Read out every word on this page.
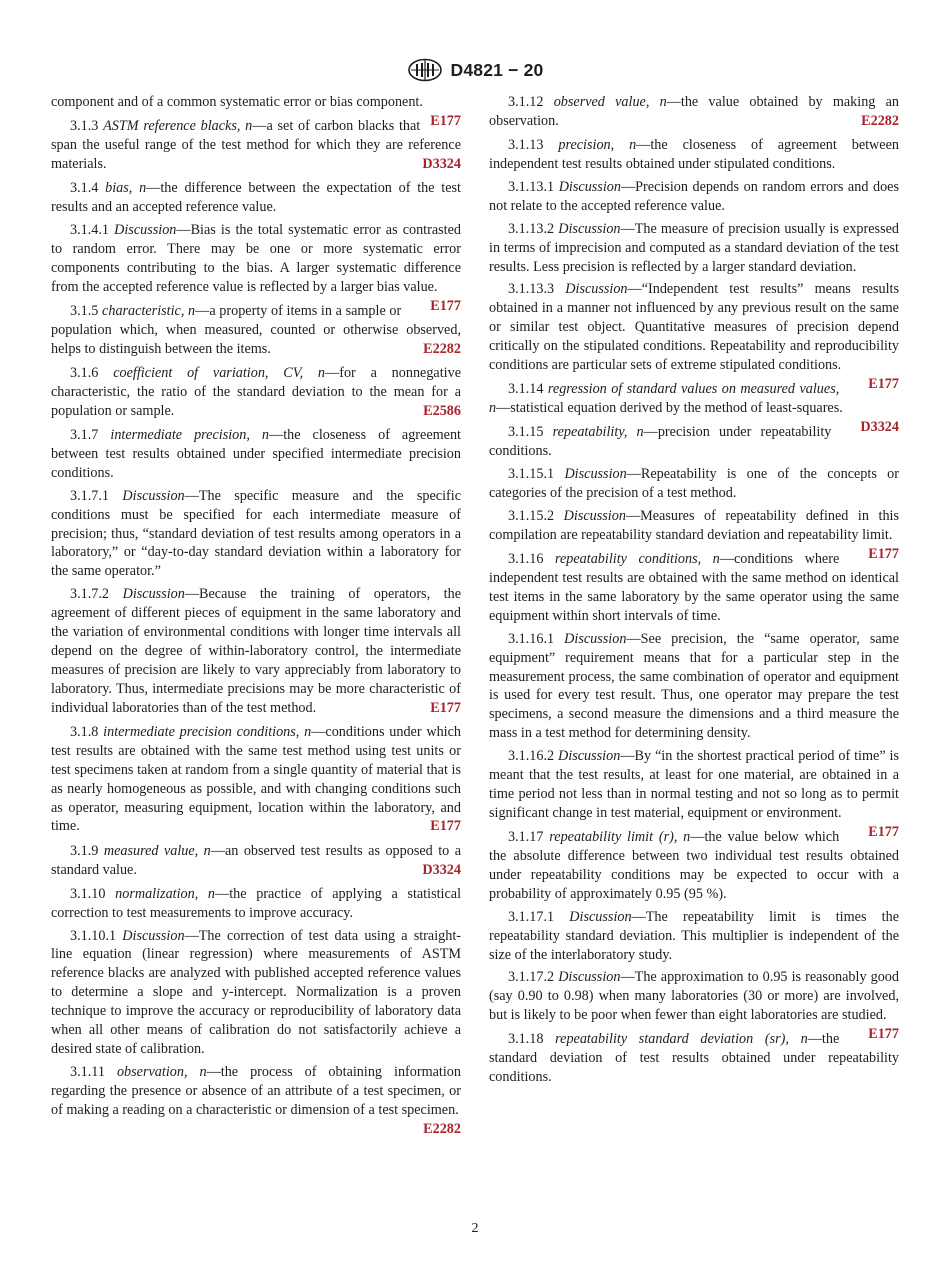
D4821 − 20

component and of a common systematic error or bias component.
E177

3.1.3 ASTM reference blacks, n—a set of carbon blacks that span the useful range of the test method for which they are reference materials.	D3324

3.1.4 bias, n—the difference between the expectation of the test results and an accepted reference value.

3.1.4.1 Discussion—Bias is the total systematic error as contrasted to random error. There may be one or more systematic error components contributing to the bias. A larger systematic difference from the accepted reference value is reflected by a larger bias value.
E177

3.1.5 characteristic, n—a property of items in a sample or population which, when measured, counted or otherwise observed, helps to distinguish between the items.	E2282

3.1.6 coefficient of variation, CV, n—for a nonnegative characteristic, the ratio of the standard deviation to the mean for a population or sample.	E2586

3.1.7 intermediate precision, n—the closeness of agreement between test results obtained under specified intermediate precision conditions.

3.1.7.1 Discussion—The specific measure and the specific conditions must be specified for each intermediate measure of precision; thus, “standard deviation of test results among operators in a laboratory,” or “day-to-day standard deviation within a laboratory for the same operator.”

3.1.7.2 Discussion—Because the training of operators, the agreement of different pieces of equipment in the same laboratory and the variation of environmental conditions with longer time intervals all depend on the degree of within-laboratory control, the intermediate measures of precision are likely to vary appreciably from laboratory to laboratory. Thus, intermediate precisions may be more characteristic of individual laboratories than of the test method.	E177

3.1.8 intermediate precision conditions, n—conditions under which test results are obtained with the same test method using test units or test specimens taken at random from a single quantity of material that is as nearly homogeneous as possible, and with changing conditions such as operator, measuring equipment, location within the laboratory, and time.	E177

3.1.9 measured value, n—an observed test results as opposed to a standard value.	D3324

3.1.10 normalization, n—the practice of applying a statistical correction to test measurements to improve accuracy.

3.1.10.1 Discussion—The correction of test data using a straight-line equation (linear regression) where measurements of ASTM reference blacks are analyzed with published accepted reference values to determine a slope and y-intercept. Normalization is a proven technique to improve the accuracy or reproducibility of laboratory data when all other means of calibration do not satisfactorily achieve a desired state of calibration.

3.1.11 observation, n—the process of obtaining information regarding the presence or absence of an attribute of a test specimen, or of making a reading on a characteristic or dimension of a test specimen.
E2282

3.1.12 observed value, n—the value obtained by making an observation.	E2282

3.1.13 precision, n—the closeness of agreement between independent test results obtained under stipulated conditions.

3.1.13.1 Discussion—Precision depends on random errors and does not relate to the accepted reference value.

3.1.13.2 Discussion—The measure of precision usually is expressed in terms of imprecision and computed as a standard deviation of the test results. Less precision is reflected by a larger standard deviation.

3.1.13.3 Discussion—“Independent test results” means results obtained in a manner not influenced by any previous result on the same or similar test object. Quantitative measures of precision depend critically on the stipulated conditions. Repeatability and reproducibility conditions are particular sets of extreme stipulated conditions.
E177

3.1.14 regression of standard values on measured values, n—statistical equation derived by the method of least-squares.
D3324

3.1.15 repeatability, n—precision under repeatability conditions.

3.1.15.1 Discussion—Repeatability is one of the concepts or categories of the precision of a test method.

3.1.15.2 Discussion—Measures of repeatability defined in this compilation are repeatability standard deviation and repeatability limit.
E177

3.1.16 repeatability conditions, n—conditions where independent test results are obtained with the same method on identical test items in the same laboratory by the same operator using the same equipment within short intervals of time.

3.1.16.1 Discussion—See precision, the “same operator, same equipment” requirement means that for a particular step in the measurement process, the same combination of operator and equipment is used for every test result. Thus, one operator may prepare the test specimens, a second measure the dimensions and a third measure the mass in a test method for determining density.

3.1.16.2 Discussion—By “in the shortest practical period of time” is meant that the test results, at least for one material, are obtained in a time period not less than in normal testing and not so long as to permit significant change in test material, equipment or environment.
E177

3.1.17 repeatability limit (r), n—the value below which the absolute difference between two individual test results obtained under repeatability conditions may be expected to occur with a probability of approximately 0.95 (95 %).

3.1.17.1 Discussion—The repeatability limit is times the repeatability standard deviation. This multiplier is independent of the size of the interlaboratory study.

3.1.17.2 Discussion—The approximation to 0.95 is reasonably good (say 0.90 to 0.98) when many laboratories (30 or more) are involved, but is likely to be poor when fewer than eight laboratories are studied.
E177

3.1.18 repeatability standard deviation (sr), n—the standard deviation of test results obtained under repeatability conditions.

2
